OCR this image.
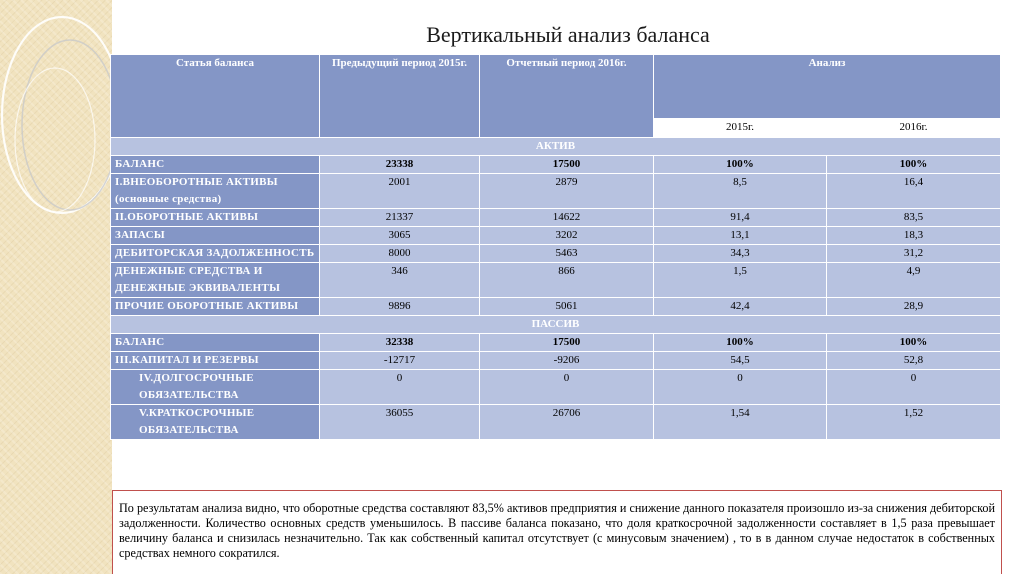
Вертикальный анализ баланса
Статья баланса	Предыдущий период 2015г.	Отчетный период 2016г.	Анализ	
			2015г.	2016г.
АКТИВ				
БАЛАНС	23338	17500	100%	100%
I.ВНЕОБОРОТНЫЕ АКТИВЫ (основные средства)	2001	2879	8,5	16,4
II.ОБОРОТНЫЕ АКТИВЫ	21337	14622	91,4	83,5
ЗАПАСЫ	3065	3202	13,1	18,3
ДЕБИТОРСКАЯ ЗАДОЛЖЕННОСТЬ	8000	5463	34,3	31,2
ДЕНЕЖНЫЕ СРЕДСТВА И ДЕНЕЖНЫЕ ЭКВИВАЛЕНТЫ	346	866	1,5	4,9
ПРОЧИЕ ОБОРОТНЫЕ АКТИВЫ	9896	5061	42,4	28,9
ПАССИВ				
БАЛАНС	32338	17500	100%	100%
III.КАПИТАЛ И РЕЗЕРВЫ	-12717	-9206	54,5	52,8
IV.ДОЛГОСРОЧНЫЕ ОБЯЗАТЕЛЬСТВА	0	0	0	0
V.КРАТКОСРОЧНЫЕ ОБЯЗАТЕЛЬСТВА	36055	26706	1,54	1,52
По результатам анализа видно, что оборотные средства составляют 83,5% активов предприятия и снижение данного показателя произошло из-за снижения дебиторской задолженности. Количество основных средств уменьшилось. В пассиве баланса показано, что доля краткосрочной задолженности составляет в 1,5 раза превышает величину баланса и снизилась незначительно. Так как собственный капитал отсутствует (с минусовым значением) , то в в данном случае недостаток в собственных средствах немного сократился.
